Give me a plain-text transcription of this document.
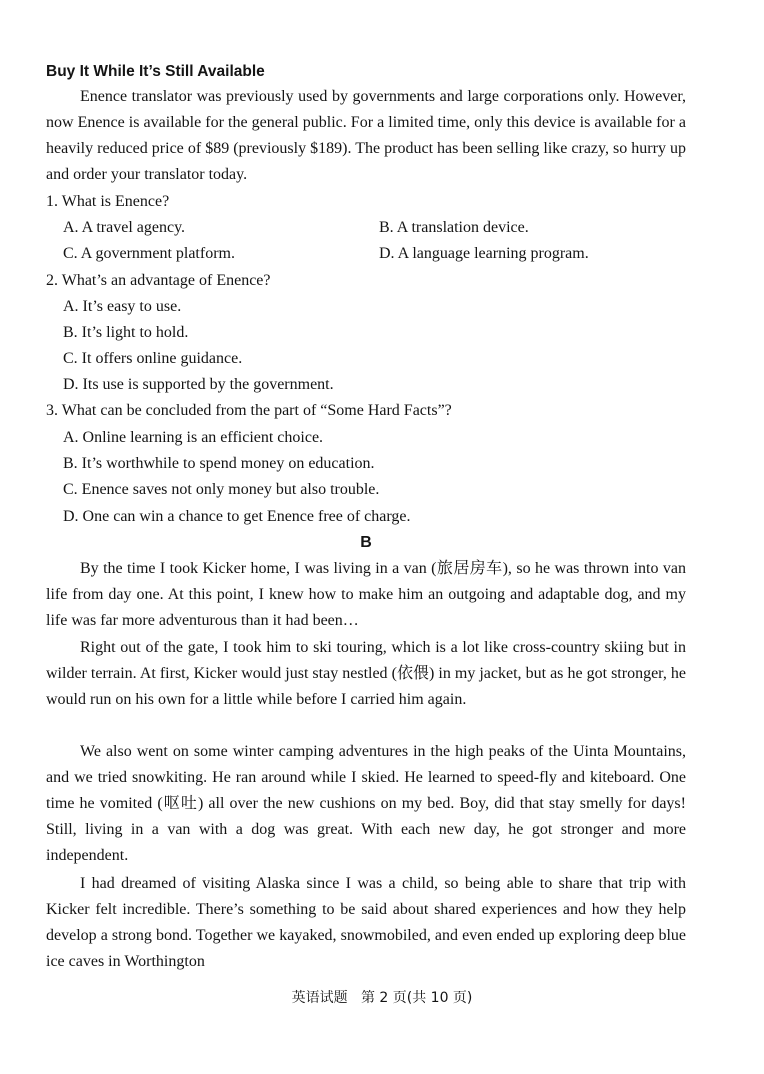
Buy It While It’s Still Available
Enence translator was previously used by governments and large corporations only. However, now Enence is available for the general public. For a limited time, only this device is available for a heavily reduced price of $89 (previously $189). The product has been selling like crazy, so hurry up and order your translator today.
1. What is Enence?
A. A travel agency.	B. A translation device.
C. A government platform.	D. A language learning program.
2. What’s an advantage of Enence?
A. It’s easy to use.
B. It’s light to hold.
C. It offers online guidance.
D. Its use is supported by the government.
3. What can be concluded from the part of “Some Hard Facts”?
A. Online learning is an efficient choice.
B. It’s worthwhile to spend money on education.
C. Enence saves not only money but also trouble.
D. One can win a chance to get Enence free of charge.
B
By the time I took Kicker home, I was living in a van (旅居房车), so he was thrown into van life from day one. At this point, I knew how to make him an outgoing and adaptable dog, and my life was far more adventurous than it had been…
Right out of the gate, I took him to ski touring, which is a lot like cross-country skiing but in wilder terrain. At first, Kicker would just stay nestled (依偎) in my jacket, but as he got stronger, he would run on his own for a little while before I carried him again.
We also went on some winter camping adventures in the high peaks of the Uinta Mountains, and we tried snowkiting. He ran around while I skied. He learned to speed-fly and kiteboard. One time he vomited (呕吐) all over the new cushions on my bed. Boy, did that stay smelly for days! Still, living in a van with a dog was great. With each new day, he got stronger and more independent.
I had dreamed of visiting Alaska since I was a child, so being able to share that trip with Kicker felt incredible. There’s something to be said about shared experiences and how they help develop a strong bond. Together we kayaked, snowmobiled, and even ended up exploring deep blue ice caves in Worthington
英语试题   第 2 页(共 10 页)
